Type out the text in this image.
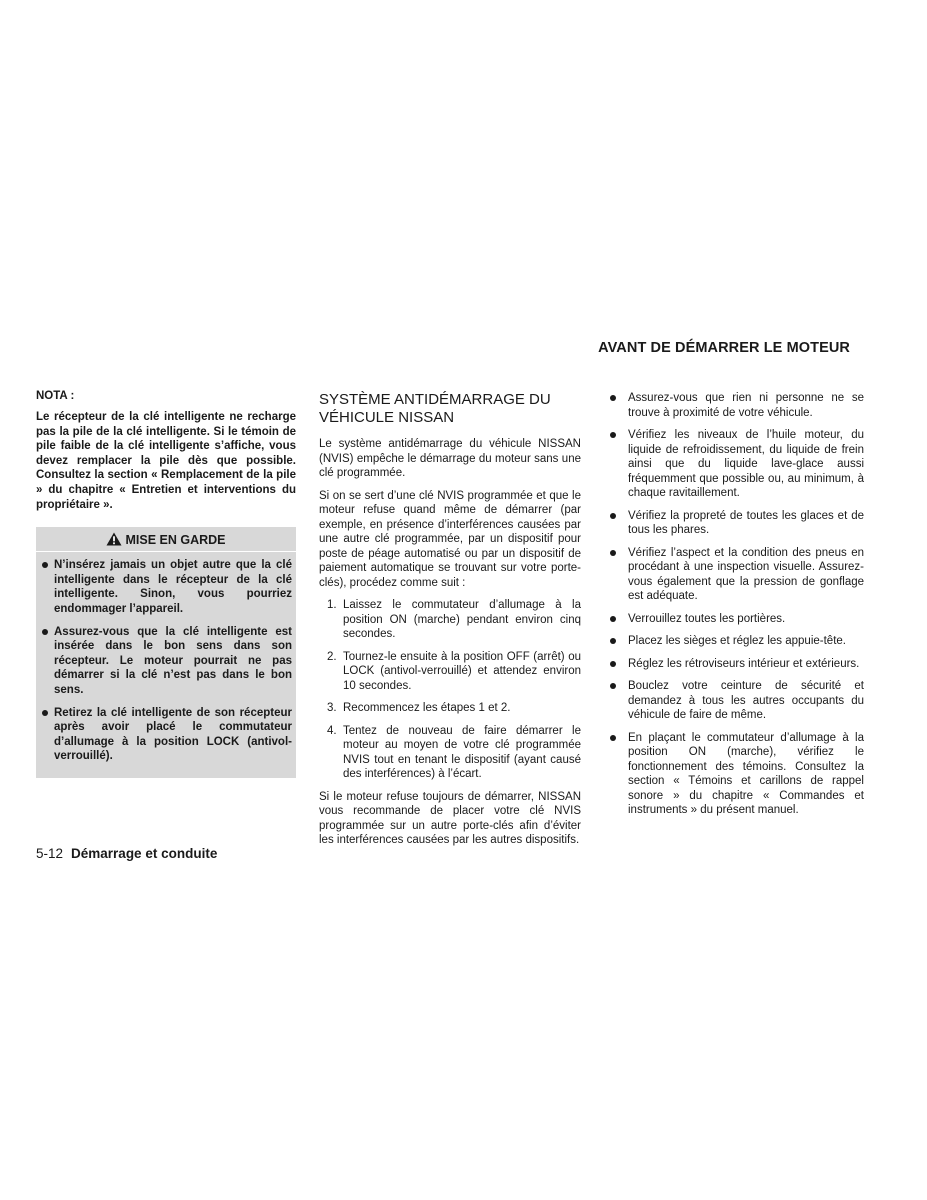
AVANT DE DÉMARRER LE MOTEUR
NOTA :

Le récepteur de la clé intelligente ne recharge pas la pile de la clé intelligente. Si le témoin de pile faible de la clé intelligente s’affiche, vous devez remplacer la pile dès que possible. Consultez la section « Remplacement de la pile » du chapitre « Entretien et interventions du propriétaire ».

MISE EN GARDE
N’insérez jamais un objet autre que la clé intelligente dans le récepteur de la clé intelligente. Sinon, vous pourriez endommager l’appareil.
Assurez-vous que la clé intelligente est insérée dans le bon sens dans son récepteur. Le moteur pourrait ne pas démarrer si la clé n’est pas dans le bon sens.
Retirez la clé intelligente de son récepteur après avoir placé le commutateur d’allumage à la position LOCK (antivol-verrouillé).
5-12 Démarrage et conduite
SYSTÈME ANTIDÉMARRAGE DU
VÉHICULE NISSAN

Le système antidémarrage du véhicule NISSAN (NVIS) empêche le démarrage du moteur sans une clé programmée.

Si on se sert d’une clé NVIS programmée et que le moteur refuse quand même de démarrer (par exemple, en présence d’interférences causées par une autre clé programmée, par un dispositif pour poste de péage automatisé ou par un dispositif de paiement automatique se trouvant sur votre porte-clés), procédez comme suit :

1. Laissez le commutateur d’allumage à la position ON (marche) pendant environ cinq secondes.
2. Tournez-le ensuite à la position OFF (arrêt) ou LOCK (antivol-verrouillé) et attendez environ 10 secondes.
3. Recommencez les étapes 1 et 2.
4. Tentez de nouveau de faire démarrer le moteur au moyen de votre clé programmée NVIS tout en tenant le dispositif (ayant causé des interférences) à l’écart.

Si le moteur refuse toujours de démarrer, NISSAN vous recommande de placer votre clé NVIS programmée sur un autre porte-clés afin d’éviter les interférences causées par les autres dispositifs.

Assurez-vous que rien ni personne ne se trouve à proximité de votre véhicule.
Vérifiez les niveaux de l’huile moteur, du liquide de refroidissement, du liquide de frein ainsi que du liquide lave-glace aussi fréquemment que possible ou, au minimum, à chaque ravitaillement.
Vérifiez la propreté de toutes les glaces et de tous les phares.
Vérifiez l’aspect et la condition des pneus en procédant à une inspection visuelle. Assurez-vous également que la pression de gonflage est adéquate.
Verrouillez toutes les portières.
Placez les sièges et réglez les appuie-tête.
Réglez les rétroviseurs intérieur et extérieurs.
Bouclez votre ceinture de sécurité et demandez à tous les autres occupants du véhicule de faire de même.
En plaçant le commutateur d’allumage à la position ON (marche), vérifiez le fonctionnement des témoins. Consultez la section « Témoins et carillons de rappel sonore » du chapitre « Commandes et instruments » du présent manuel.
